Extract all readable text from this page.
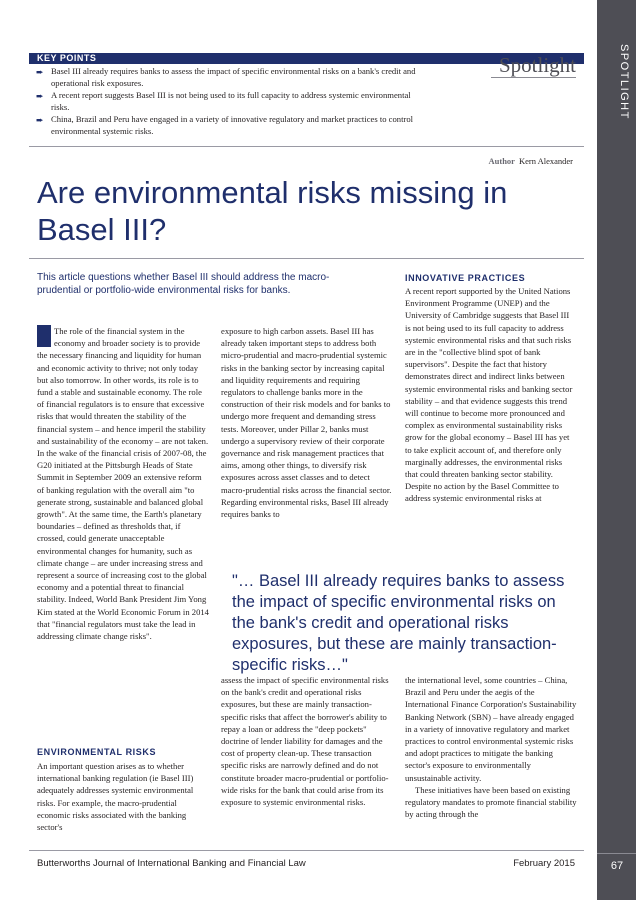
SPOTLIGHT
67
KEY POINTS
➨ Basel III already requires banks to assess the impact of specific environmental risks on a bank's credit and operational risk exposures.
➨ A recent report suggests Basel III is not being used to its full capacity to address systemic environmental risks.
➨ China, Brazil and Peru have engaged in a variety of innovative regulatory and market practices to control environmental systemic risks.
Spotlight
Author Kern Alexander
Are environmental risks missing in Basel III?
This article questions whether Basel III should address the macro-prudential or portfolio-wide environmental risks for banks.

The role of the financial system in the economy and broader society is to provide the necessary financing and liquidity for human and economic activity to thrive; not only today but also tomorrow. In other words, its role is to fund a stable and sustainable economy. The role of financial regulators is to ensure that excessive risks that would threaten the stability of the financial system – and hence imperil the stability and sustainability of the economy – are not taken. In the wake of the financial crisis of 2007-08, the G20 initiated at the Pittsburgh Heads of State Summit in September 2009 an extensive reform of banking regulation with the overall aim "to generate strong, sustainable and balanced global growth". At the same time, the Earth's planetary boundaries – defined as thresholds that, if crossed, could generate unacceptable environmental changes for humanity, such as climate change – are under increasing stress and represent a source of increasing cost to the global economy and a potential threat to financial stability. Indeed, World Bank President Jim Yong Kim stated at the World Economic Forum in 2014 that "financial regulators must take the lead in addressing climate change risks".

ENVIRONMENTAL RISKS

An important question arises as to whether international banking regulation (ie Basel III) adequately addresses systemic environmental risks. For example, the macro-prudential economic risks associated with the banking sector's

exposure to high carbon assets. Basel III has already taken important steps to address both micro-prudential and macro-prudential systemic risks in the banking sector by increasing capital and liquidity requirements and requiring regulators to challenge banks more in the construction of their risk models and for banks to undergo more frequent and demanding stress tests. Moreover, under Pillar 2, banks must undergo a supervisory review of their corporate governance and risk management practices that aims, among other things, to diversify risk exposures across asset classes and to detect macro-prudential risks across the financial sector. Regarding environmental risks, Basel III already requires banks to

"… Basel III already requires banks to assess the impact of specific environmental risks on the bank's credit and operational risks exposures, but these are mainly transaction-specific risks…"

assess the impact of specific environmental risks on the bank's credit and operational risks exposures, but these are mainly transaction-specific risks that affect the borrower's ability to repay a loan or address the "deep pockets" doctrine of lender liability for damages and the cost of property clean-up. These transaction specific risks are narrowly defined and do not constitute broader macro-prudential or portfolio-wide risks for the bank that could arise from its exposure to systemic environmental risks.

INNOVATIVE PRACTICES

A recent report supported by the United Nations Environment Programme (UNEP) and the University of Cambridge suggests that Basel III is not being used to its full capacity to address systemic environmental risks and that such risks are in the "collective blind spot of bank supervisors". Despite the fact that history demonstrates direct and indirect links between systemic environmental risks and banking sector stability – and that evidence suggests this trend will continue to become more pronounced and complex as environmental sustainability risks grow for the global economy – Basel III has yet to take explicit account of, and therefore only marginally addresses, the environmental risks that could threaten banking sector stability. Despite no action by the Basel Committee to address systemic environmental risks at

the international level, some countries – China, Brazil and Peru under the aegis of the International Finance Corporation's Sustainability Banking Network (SBN) – have already engaged in a variety of innovative regulatory and market practices to control environmental systemic risks and adopt practices to mitigate the banking sector's exposure to environmentally unsustainable activity.

These initiatives have been based on existing regulatory mandates to promote financial stability by acting through the

Butterworths Journal of International Banking and Financial Law	February 2015
